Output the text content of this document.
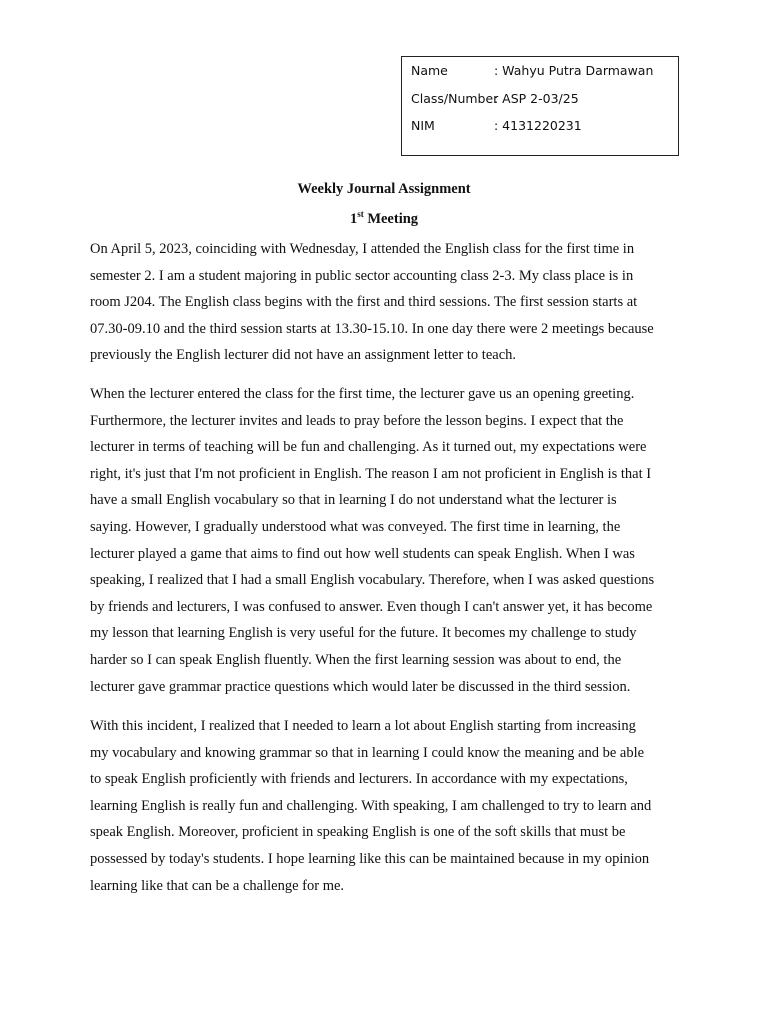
Name	: Wahyu Putra Darmawan
Class/Number: ASP 2-03/25
NIM	: 4131220231
Weekly Journal Assignment
1st Meeting
On April 5, 2023, coinciding with Wednesday, I attended the English class for the first time in
semester 2. I am a student majoring in public sector accounting class 2-3. My class place is in
room J204. The English class begins with the first and third sessions. The first session starts at
07.30-09.10 and the third session starts at 13.30-15.10. In one day there were 2 meetings because
previously the English lecturer did not have an assignment letter to teach.
When the lecturer entered the class for the first time, the lecturer gave us an opening greeting.
Furthermore, the lecturer invites and leads to pray before the lesson begins. I expect that the
lecturer in terms of teaching will be fun and challenging. As it turned out, my expectations were
right, it's just that I'm not proficient in English. The reason I am not proficient in English is that I
have a small English vocabulary so that in learning I do not understand what the lecturer is
saying. However, I gradually understood what was conveyed. The first time in learning, the
lecturer played a game that aims to find out how well students can speak English. When I was
speaking, I realized that I had a small English vocabulary. Therefore, when I was asked questions
by friends and lecturers, I was confused to answer. Even though I can't answer yet, it has become
my lesson that learning English is very useful for the future. It becomes my challenge to study
harder so I can speak English fluently. When the first learning session was about to end, the
lecturer gave grammar practice questions which would later be discussed in the third session.
With this incident, I realized that I needed to learn a lot about English starting from increasing
my vocabulary and knowing grammar so that in learning I could know the meaning and be able
to speak English proficiently with friends and lecturers. In accordance with my expectations,
learning English is really fun and challenging. With speaking, I am challenged to try to learn and
speak English. Moreover, proficient in speaking English is one of the soft skills that must be
possessed by today's students. I hope learning like this can be maintained because in my opinion
learning like that can be a challenge for me.
